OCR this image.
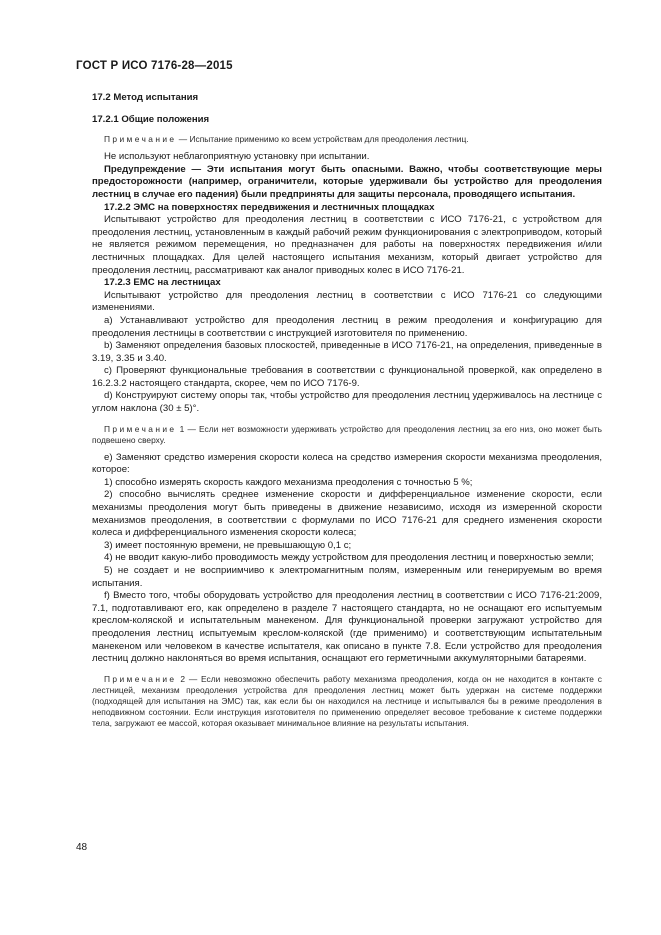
ГОСТ Р ИСО 7176-28—2015

17.2 Метод испытания

17.2.1 Общие положения

Примечание — Испытание применимо ко всем устройствам для преодоления лестниц.

Не используют неблагоприятную установку при испытании.

Предупреждение — Эти испытания могут быть опасными. Важно, чтобы соответствующие меры предосторожности (например, ограничители, которые удерживали бы устройство для преодоления лестниц в случае его падения) были предприняты для защиты персонала, проводящего испытания.

17.2.2 ЭМС на поверхностях передвижения и лестничных площадках

Испытывают устройство для преодоления лестниц в соответствии с ИСО 7176-21, с устройством для преодоления лестниц, установленным в каждый рабочий режим функционирования с электроприводом, который не является режимом перемещения, но предназначен для работы на поверхностях передвижения и/или лестничных площадках. Для целей настоящего испытания механизм, который двигает устройство для преодоления лестниц, рассматривают как аналог приводных колес в ИСО 7176-21.

17.2.3 ЕМС на лестницах

Испытывают устройство для преодоления лестниц в соответствии с ИСО 7176-21 со следующими изменениями.

а) Устанавливают устройство для преодоления лестниц в режим преодоления и конфигурацию для преодоления лестницы в соответствии с инструкцией изготовителя по применению.

b) Заменяют определения базовых плоскостей, приведенные в ИСО 7176-21, на определения, приведенные в 3.19, 3.35 и 3.40.

c) Проверяют функциональные требования в соответствии с функциональной проверкой, как определено в 16.2.3.2 настоящего стандарта, скорее, чем по ИСО 7176-9.

d) Конструируют систему опоры так, чтобы устройство для преодоления лестниц удерживалось на лестнице с углом наклона (30 ± 5)°.

Примечание 1 — Если нет возможности удерживать устройство для преодоления лестниц за его низ, оно может быть подвешено сверху.

e) Заменяют средство измерения скорости колеса на средство измерения скорости механизма преодоления, которое:

1) способно измерять скорость каждого механизма преодоления с точностью 5 %;

2) способно вычислять среднее изменение скорости и дифференциальное изменение скорости, если механизмы преодоления могут быть приведены в движение независимо, исходя из измеренной скорости механизмов преодоления, в соответствии с формулами по ИСО 7176-21 для среднего изменения скорости колеса и дифференциального изменения скорости колеса;

3) имеет постоянную времени, не превышающую 0,1 с;

4) не вводит какую-либо проводимость между устройством для преодоления лестниц и поверхностью земли;

5) не создает и не восприимчиво к электромагнитным полям, измеренным или генерируемым во время испытания.

f) Вместо того, чтобы оборудовать устройство для преодоления лестниц в соответствии с ИСО 7176-21:2009, 7.1, подготавливают его, как определено в разделе 7 настоящего стандарта, но не оснащают его испытуемым креслом-коляской и испытательным манекеном. Для функциональной проверки загружают устройство для преодоления лестниц испытуемым креслом-коляской (где применимо) и соответствующим испытательным манекеном или человеком в качестве испытателя, как описано в пункте 7.8. Если устройство для преодоления лестниц должно наклоняться во время испытания, оснащают его герметичными аккумуляторными батареями.

Примечание 2 — Если невозможно обеспечить работу механизма преодоления, когда он не находится в контакте с лестницей, механизм преодоления устройства для преодоления лестниц может быть удержан на системе поддержки (подходящей для испытания на ЭМС) так, как если бы он находился на лестнице и испытывался бы в режиме преодоления в неподвижном состоянии. Если инструкция изготовителя по применению определяет весовое требование к системе поддержки тела, загружают ее массой, которая оказывает минимальное влияние на результаты испытания.

48
